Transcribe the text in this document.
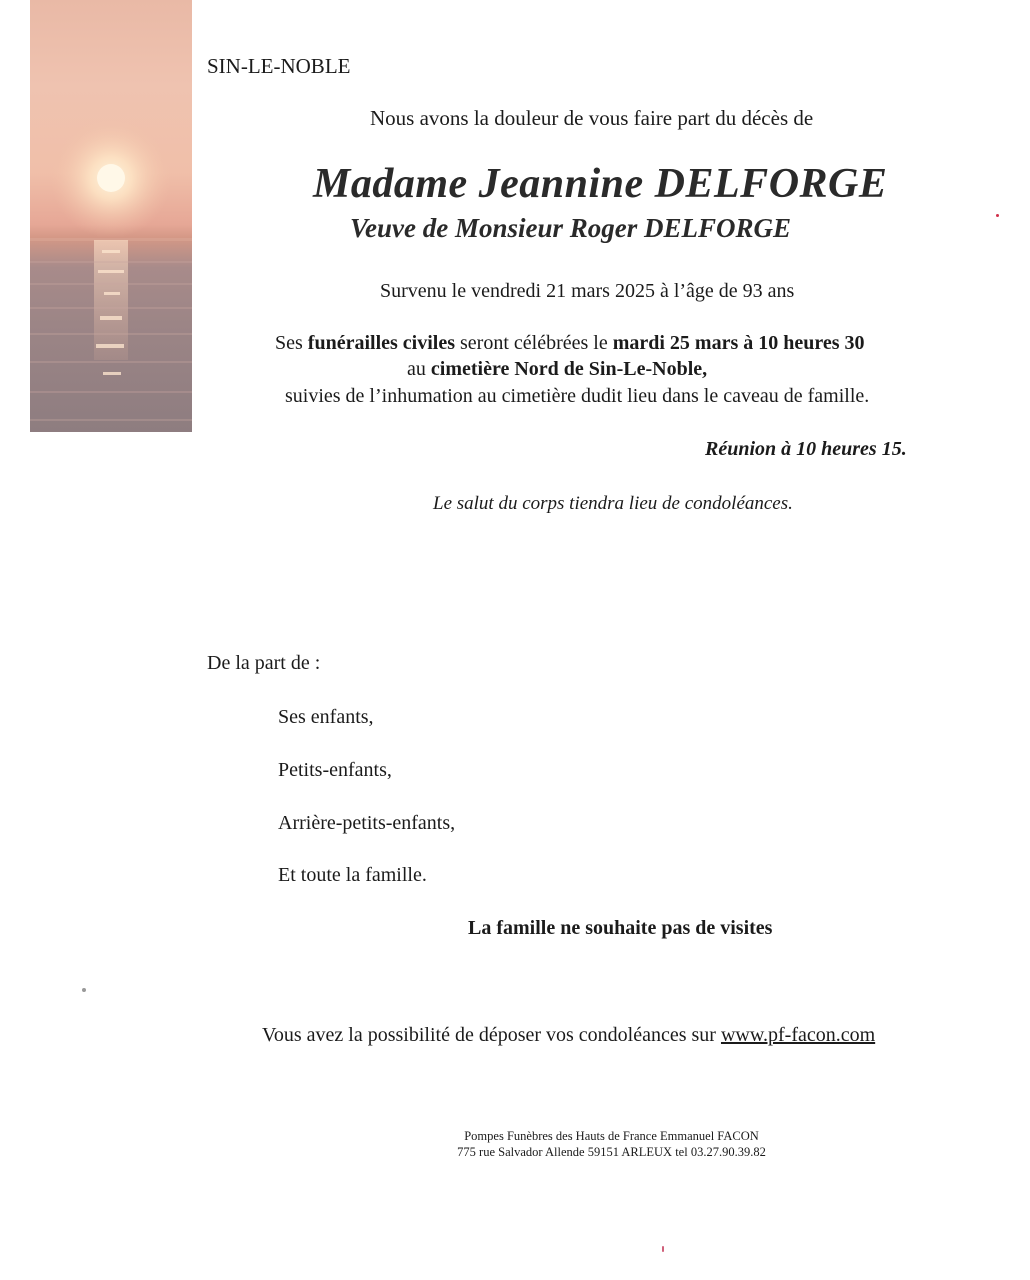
SIN-LE-NOBLE
Nous avons la douleur de vous faire part du décès de
Madame Jeannine DELFORGE
Veuve de Monsieur Roger DELFORGE
Survenu le vendredi 21 mars 2025 à l’âge de 93 ans
Ses funérailles civiles seront célébrées le mardi 25 mars à 10 heures 30
au cimetière Nord de Sin-Le-Noble,
suivies de l’inhumation au cimetière dudit lieu dans le caveau de famille.
Réunion à 10 heures 15.
Le salut du corps tiendra lieu de condoléances.
De la part de :
Ses enfants,
Petits-enfants,
Arrière-petits-enfants,
Et toute la famille.
La famille ne souhaite pas de visites
Vous avez la possibilité de déposer vos condoléances sur www.pf-facon.com
Pompes Funèbres des Hauts de France Emmanuel FACON
775 rue Salvador Allende 59151 ARLEUX tel 03.27.90.39.82
